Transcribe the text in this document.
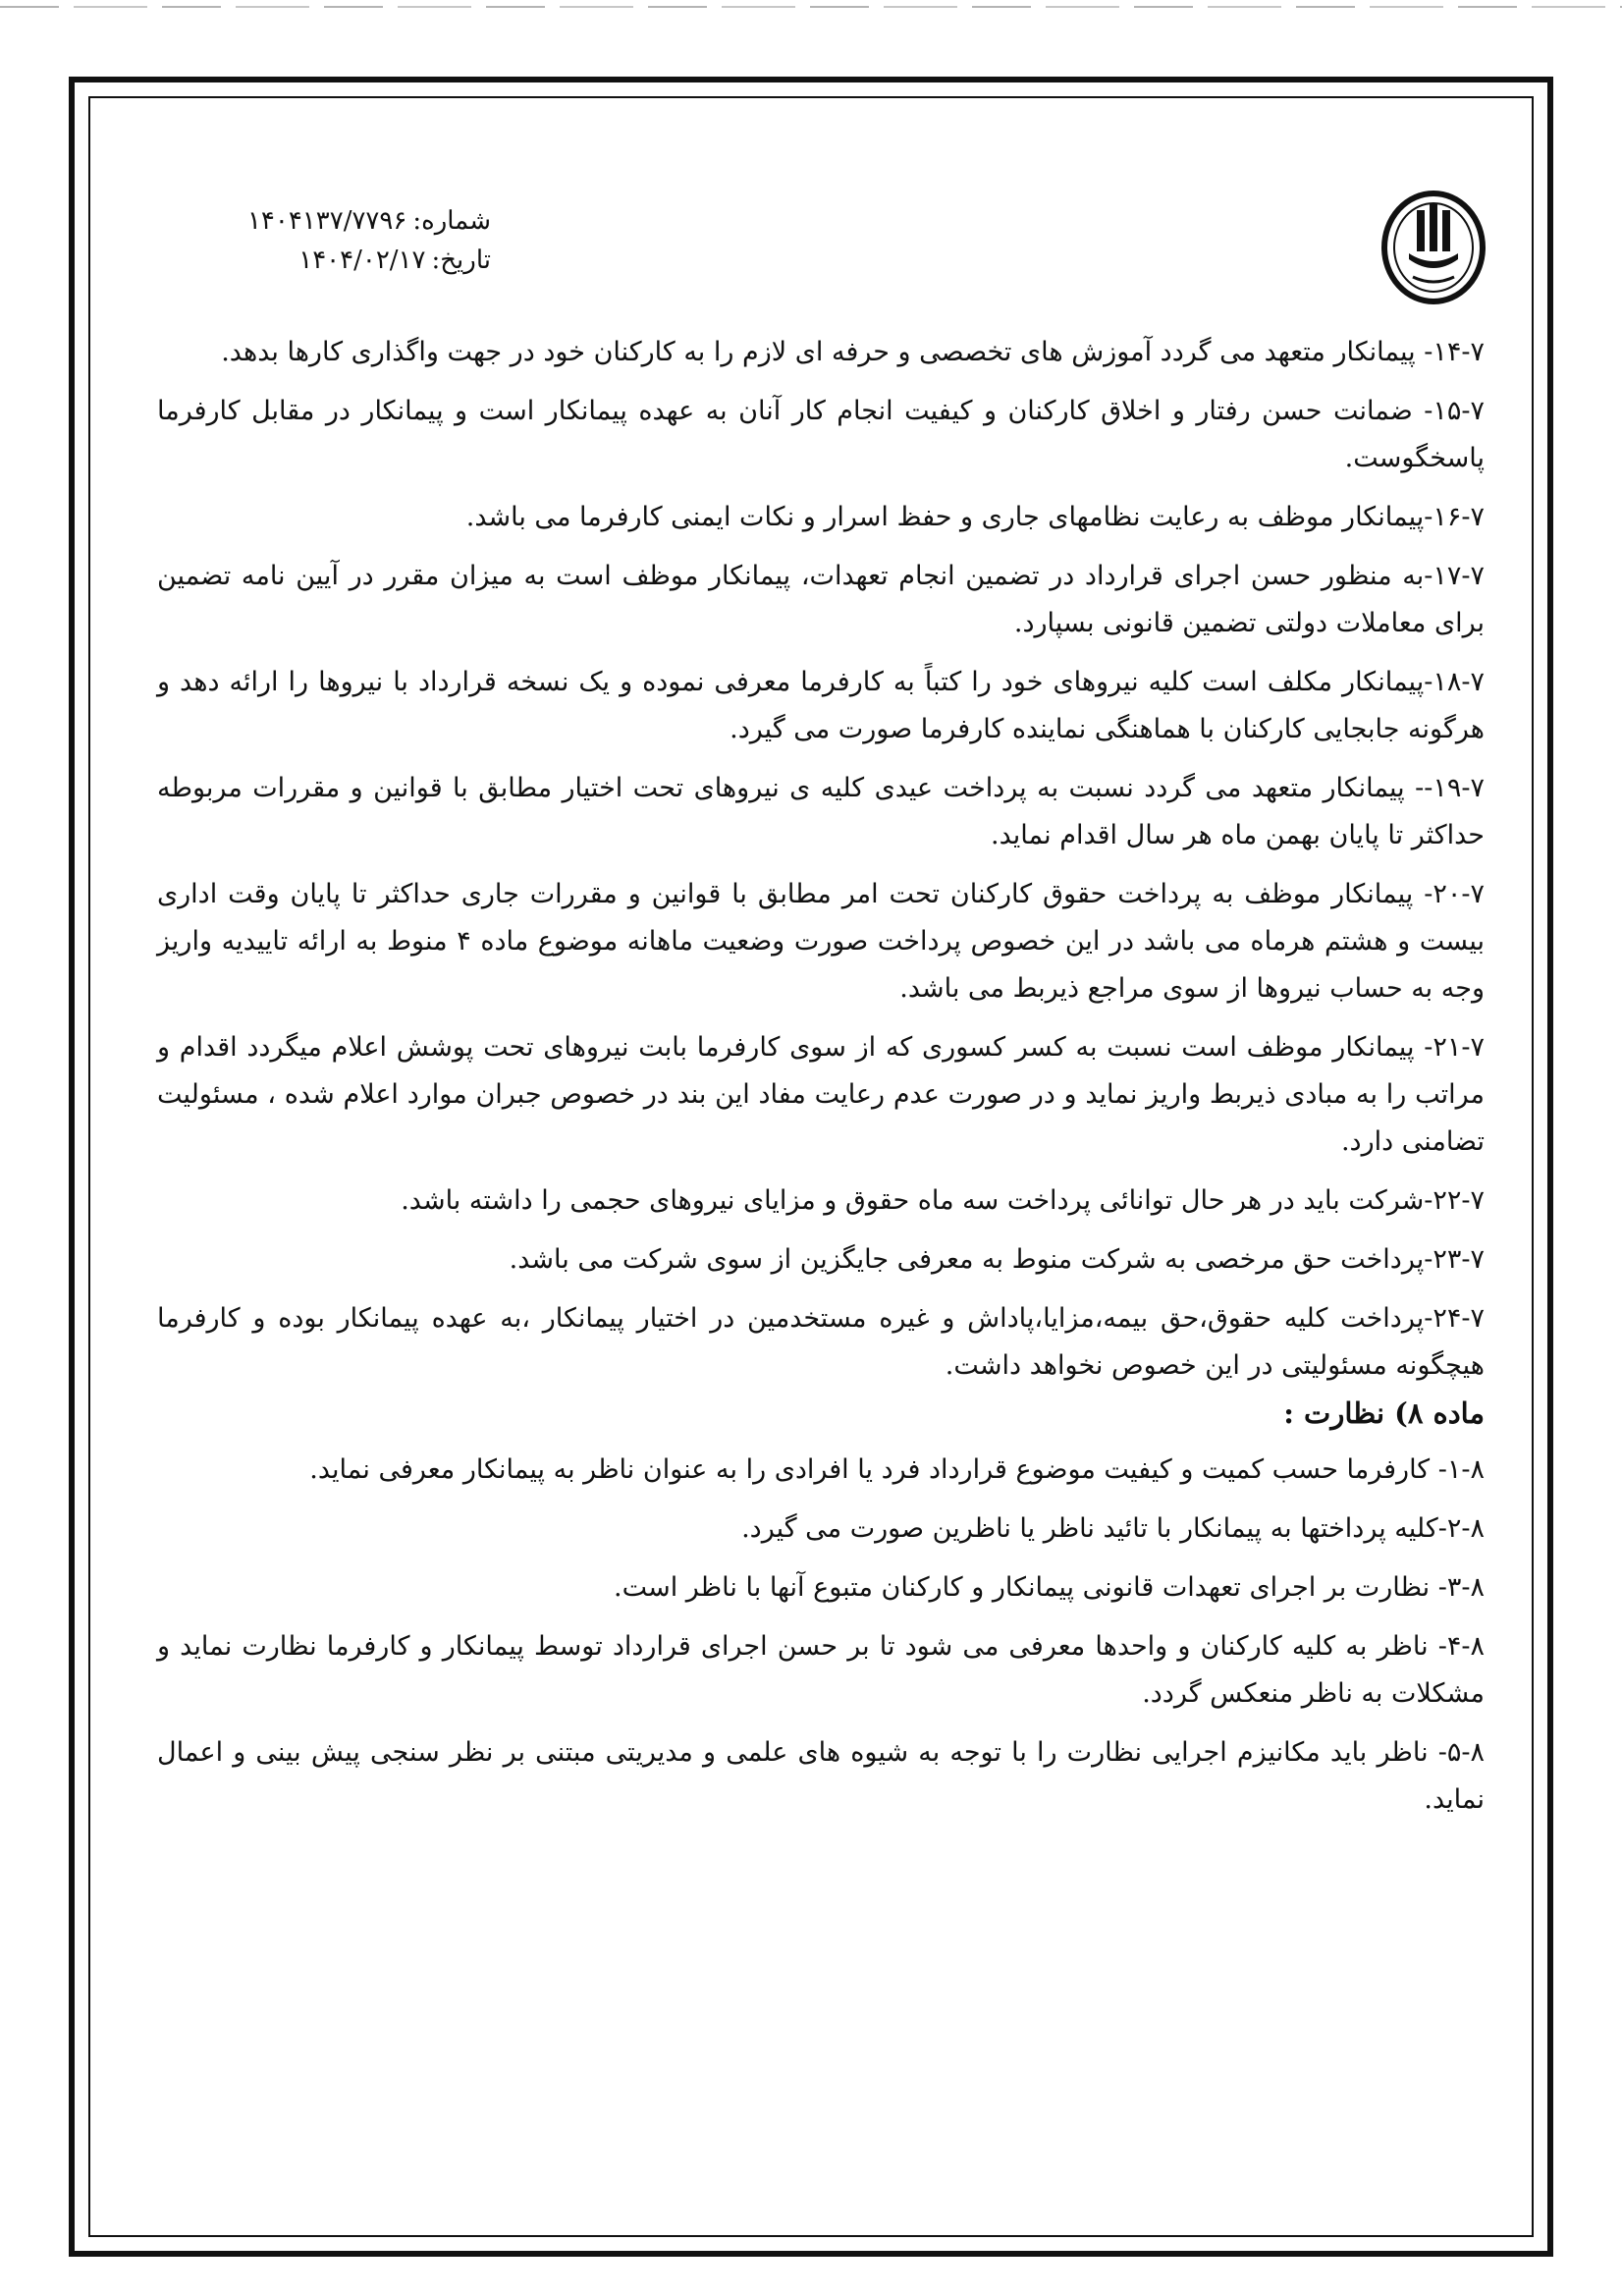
شماره:۱۴۰۴۱۳۷/۷۷۹۶
تاریخ:۱۴۰۴/۰۲/۱۷

۱۴-۷- پیمانکار متعهد می گردد آموزش های تخصصی و حرفه ای لازم را به کارکنان خود در جهت واگذاری کارها بدهد.

۱۵-۷- ضمانت حسن رفتار و اخلاق کارکنان و کیفیت انجام کار آنان به عهده پیمانکار است و پیمانکار در مقابل کارفرما پاسخگوست.

۱۶-۷-پیمانکار موظف به رعایت نظامهای جاری و حفظ اسرار و نکات ایمنی کارفرما می باشد.

۱۷-۷-به منظور حسن اجرای قرارداد در تضمین انجام تعهدات، پیمانکار موظف است به میزان مقرر در آیین نامه تضمین برای معاملات دولتی تضمین قانونی بسپارد.

۱۸-۷-پیمانکار مکلف است کلیه نیروهای خود را کتباً به کارفرما معرفی نموده و یک نسخه قرارداد با نیروها را ارائه دهد و هرگونه جابجایی کارکنان با هماهنگی نماینده کارفرما صورت می گیرد.

۱۹-۷-- پیمانکار متعهد می گردد نسبت به پرداخت عیدی کلیه ی نیروهای تحت اختیار مطابق با قوانین و مقررات مربوطه حداکثر تا پایان بهمن ماه هر سال اقدام نماید.

۲۰-۷- پیمانکار موظف به پرداخت حقوق کارکنان تحت امر مطابق با قوانین و مقررات جاری حداکثر تا پایان وقت اداری بیست و هشتم هرماه می باشد در این خصوص پرداخت صورت وضعیت ماهانه موضوع ماده ۴ منوط به ارائه تاییدیه واریز وجه به حساب نیروها از سوی مراجع ذیربط می باشد.

۲۱-۷- پیمانکار موظف است نسبت به کسر کسوری که از سوی کارفرما بابت نیروهای تحت پوشش اعلام میگردد اقدام و مراتب را به مبادی ذیربط واریز نماید و در صورت عدم رعایت مفاد این بند در خصوص جبران موارد اعلام شده ، مسئولیت تضامنی دارد.

۲۲-۷-شرکت باید در هر حال توانائی پرداخت سه ماه حقوق و مزایای نیروهای حجمی را داشته باشد.

۲۳-۷-پرداخت حق مرخصی به شرکت منوط به معرفی جایگزین از سوی شرکت می باشد.

۲۴-۷-پرداخت کلیه حقوق،حق بیمه،مزایا،پاداش و غیره مستخدمین در اختیار پیمانکار ،به عهده پیمانکار بوده و کارفرما هیچگونه مسئولیتی در این خصوص نخواهد داشت.

ماده ۸) نظارت :

۱-۸- کارفرما حسب کمیت و کیفیت موضوع قرارداد فرد یا افرادی را به عنوان ناظر به پیمانکار معرفی نماید.

۲-۸-کلیه پرداختها به پیمانکار با تائید ناظر یا ناظرین صورت می گیرد.

۳-۸- نظارت بر اجرای تعهدات قانونی پیمانکار و کارکنان متبوع آنها با ناظر است.

۴-۸- ناظر به کلیه کارکنان و واحدها معرفی می شود تا بر حسن اجرای قرارداد توسط پیمانکار و کارفرما نظارت نماید و مشکلات به ناظر منعکس گردد.

۵-۸- ناظر باید مکانیزم اجرایی نظارت را با توجه به شیوه های علمی و مدیریتی مبتنی بر نظر سنجی پیش بینی و اعمال نماید.
